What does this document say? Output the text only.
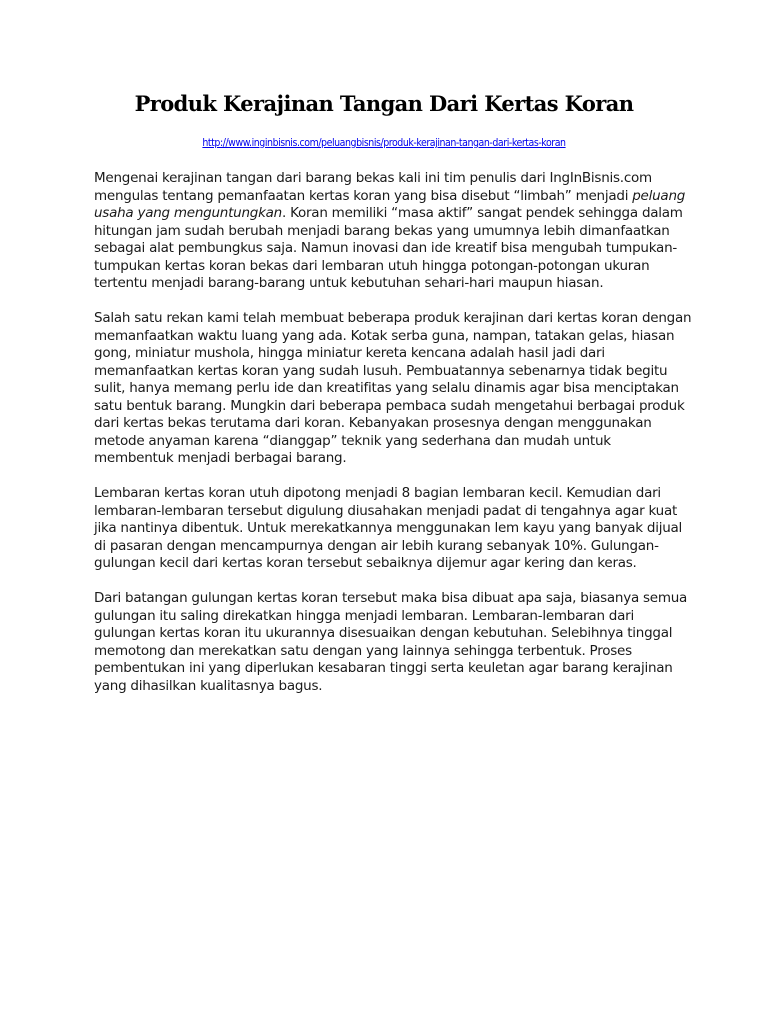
Produk Kerajinan Tangan Dari Kertas Koran
http://www.inginbisnis.com/peluangbisnis/produk-kerajinan-tangan-dari-kertas-koran

Mengenai kerajinan tangan dari barang bekas kali ini tim penulis dari IngInBisnis.com mengulas tentang pemanfaatan kertas koran yang bisa disebut “limbah” menjadi peluang usaha yang menguntungkan. Koran memiliki “masa aktif” sangat pendek sehingga dalam hitungan jam sudah berubah menjadi barang bekas yang umumnya lebih dimanfaatkan sebagai alat pembungkus saja. Namun inovasi dan ide kreatif bisa mengubah tumpukan-tumpukan kertas koran bekas dari lembaran utuh hingga potongan-potongan ukuran tertentu menjadi barang-barang untuk kebutuhan sehari-hari maupun hiasan.

Salah satu rekan kami telah membuat beberapa produk kerajinan dari kertas koran dengan memanfaatkan waktu luang yang ada. Kotak serba guna, nampan, tatakan gelas, hiasan gong, miniatur mushola, hingga miniatur kereta kencana adalah hasil jadi dari memanfaatkan kertas koran yang sudah lusuh. Pembuatannya sebenarnya tidak begitu sulit, hanya memang perlu ide dan kreatifitas yang selalu dinamis agar bisa menciptakan satu bentuk barang. Mungkin dari beberapa pembaca sudah mengetahui berbagai produk dari kertas bekas terutama dari koran. Kebanyakan prosesnya dengan menggunakan metode anyaman karena “dianggap” teknik yang sederhana dan mudah untuk membentuk menjadi berbagai barang.

Lembaran kertas koran utuh dipotong menjadi 8 bagian lembaran kecil. Kemudian dari lembaran-lembaran tersebut digulung diusahakan menjadi padat di tengahnya agar kuat jika nantinya dibentuk. Untuk merekatkannya menggunakan lem kayu yang banyak dijual di pasaran dengan mencampurnya dengan air lebih kurang sebanyak 10%. Gulungan-gulungan kecil dari kertas koran tersebut sebaiknya dijemur agar kering dan keras.

Dari batangan gulungan kertas koran tersebut maka bisa dibuat apa saja, biasanya semua gulungan itu saling direkatkan hingga menjadi lembaran. Lembaran-lembaran dari gulungan kertas koran itu ukurannya disesuaikan dengan kebutuhan. Selebihnya tinggal memotong dan merekatkan satu dengan yang lainnya sehingga terbentuk. Proses pembentukan ini yang diperlukan kesabaran tinggi serta keuletan agar barang kerajinan yang dihasilkan kualitasnya bagus.
